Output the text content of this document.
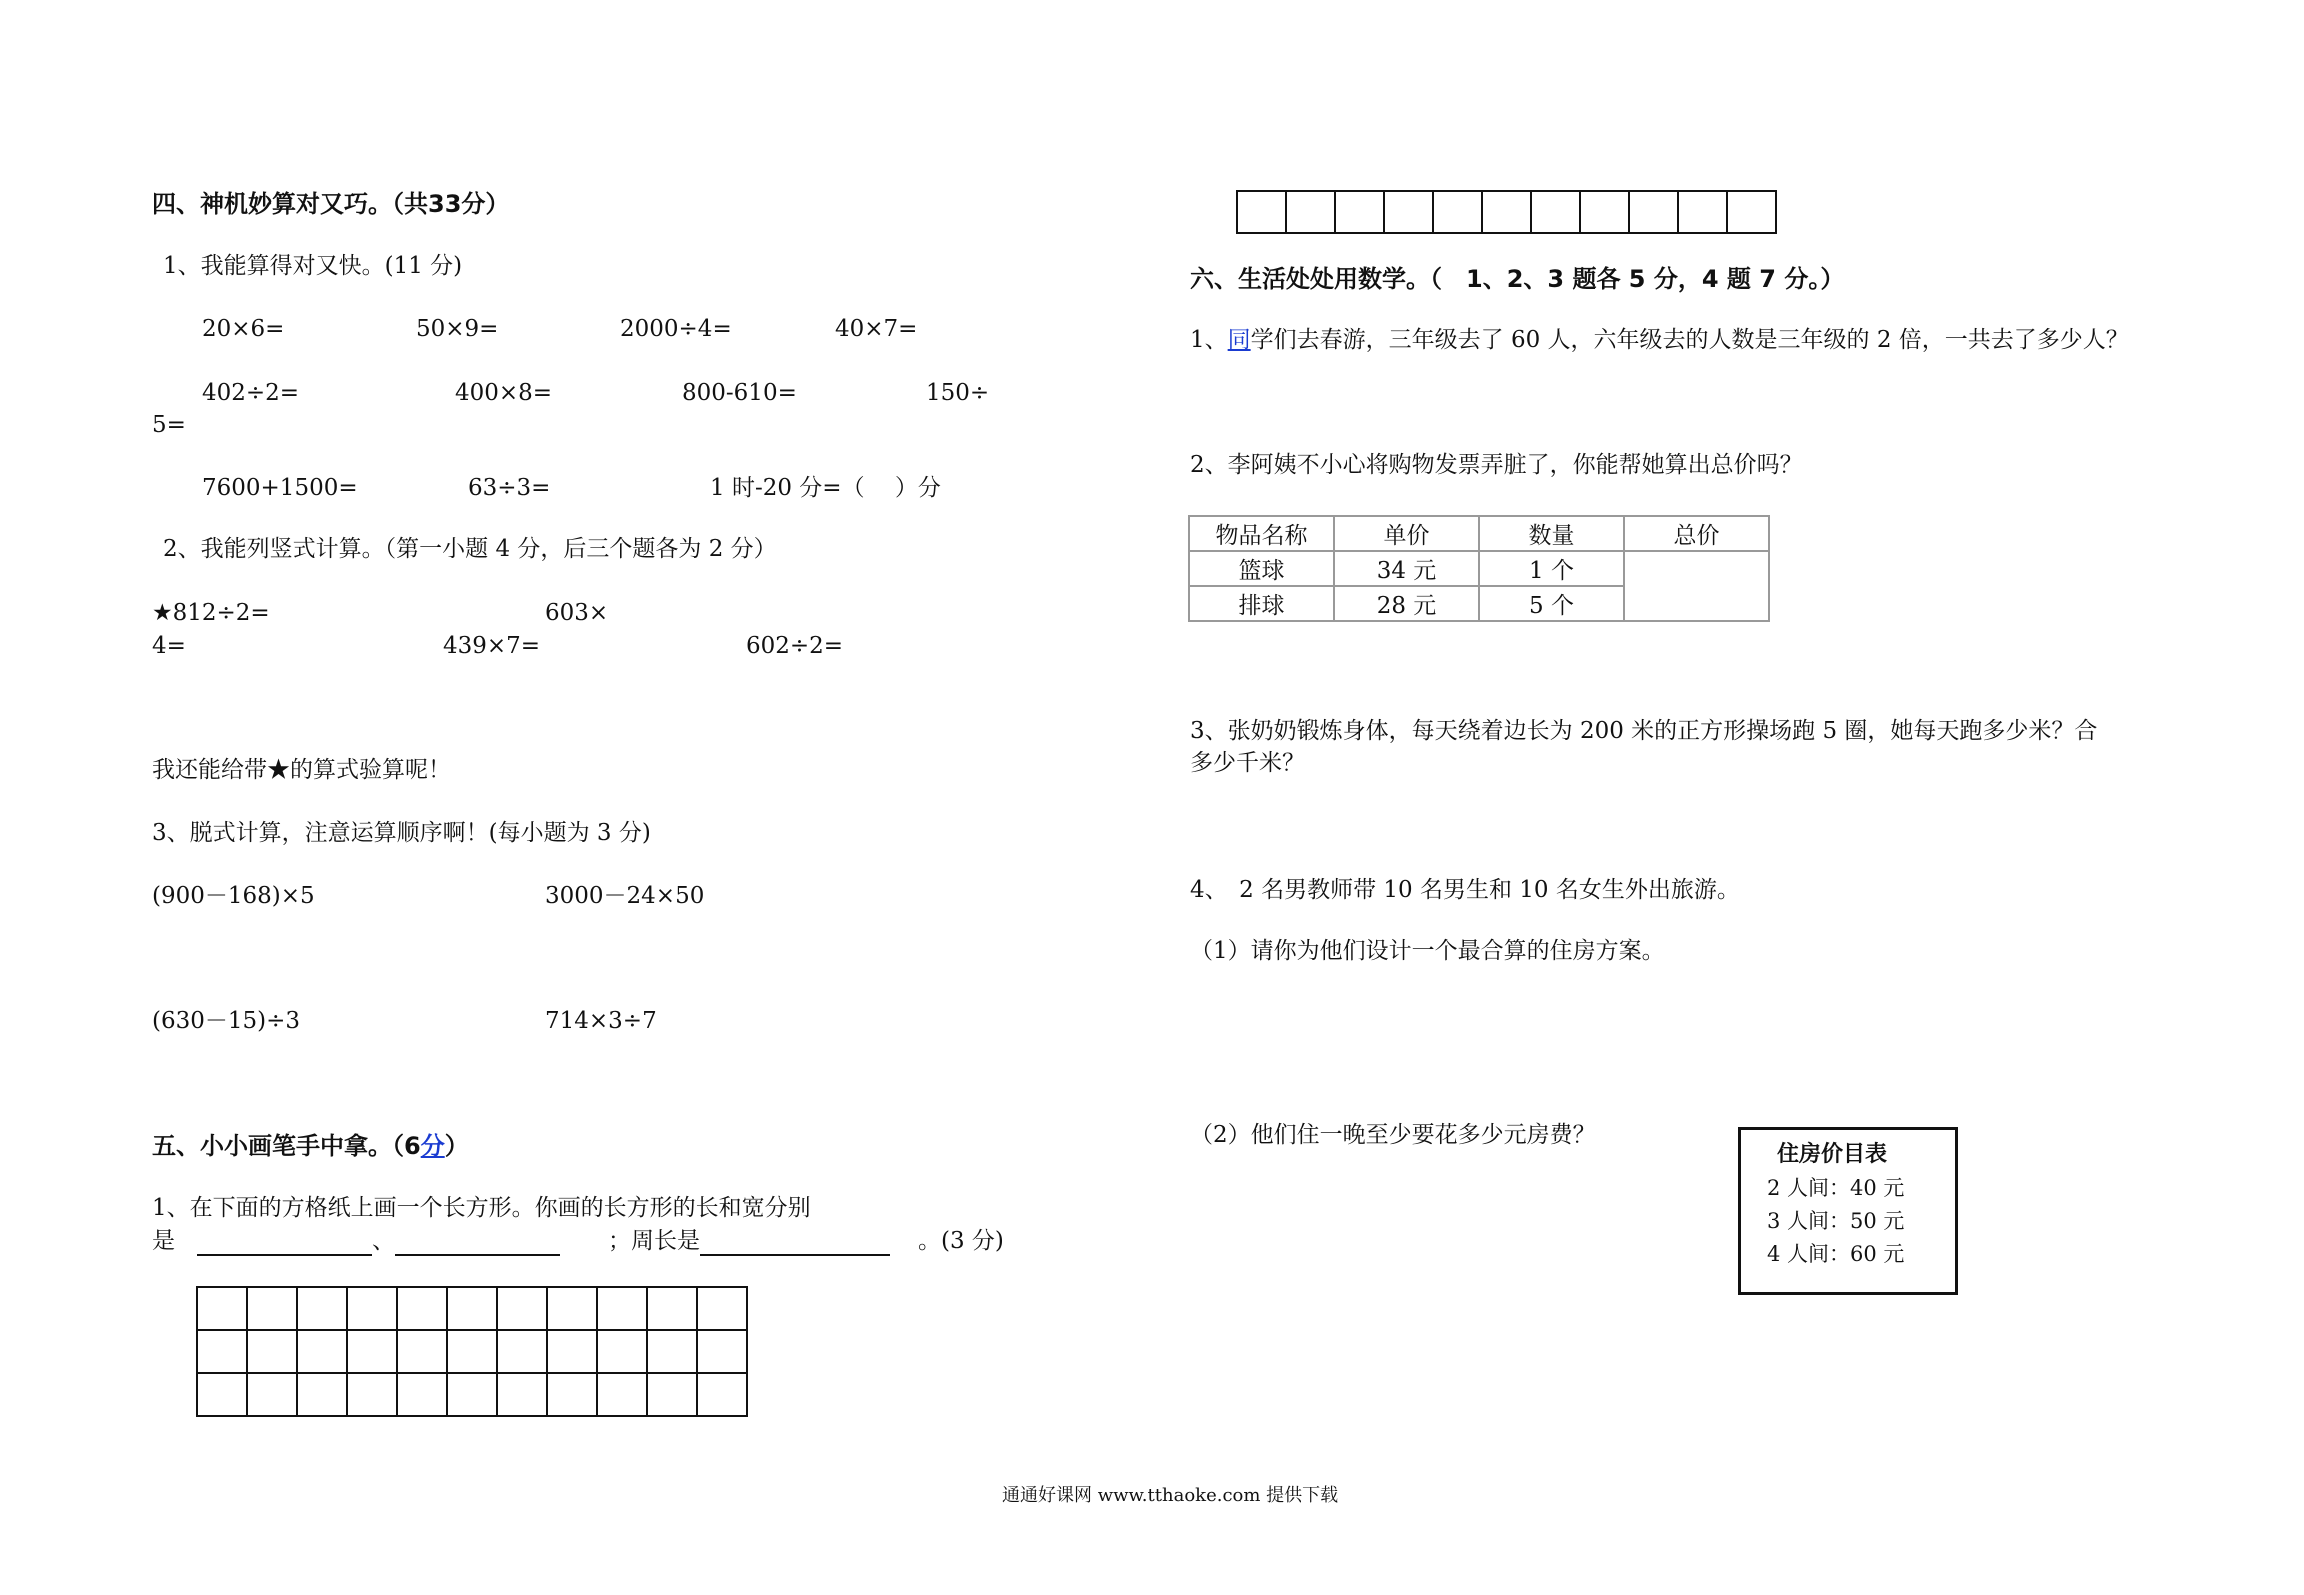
四、神机妙算对又巧。（共33分）
1、我能算得对又快。(11 分)
20×6=	50×9=	2000÷4=	40×7=
402÷2=	400×8=	800-610=	150÷
5=
7600+1500=	63÷3=	1 时-20 分=（　 ）分
2、我能列竖式计算。（第一小题 4 分，后三个题各为 2 分）
★812÷2=	603×
4=	439×7=	602÷2=
我还能给带★的算式验算呢！
3、脱式计算，注意运算顺序啊！(每小题为 3 分)
(900－168)×5	3000－24×50
(630－15)÷3	714×3÷7
五、小小画笔手中拿。（6分）
1、在下面的方格纸上画一个长方形。你画的长方形的长和宽分别
是	、	；周长是	。(3 分)

六、生活处处用数学。（　1、2、3 题各 5 分，4 题 7 分。）
1、同学们去春游，三年级去了 60 人，六年级去的人数是三年级的 2 倍，一共去了多少人？
2、李阿姨不小心将购物发票弄脏了，你能帮她算出总价吗？
物品名称	单价	数量	总价
篮球	34 元	1 个	
排球	28 元	5 个	
3、张奶奶锻炼身体，每天绕着边长为 200 米的正方形操场跑 5 圈，她每天跑多少米？合
多少千米？
4、　2 名男教师带 10 名男生和 10 名女生外出旅游。
（1）请你为他们设计一个最合算的住房方案。
（2）他们住一晚至少要花多少元房费？
住房价目表
2 人间：40 元
3 人间：50 元
4 人间：60 元
通通好课网 www.tthaoke.com 提供下载
